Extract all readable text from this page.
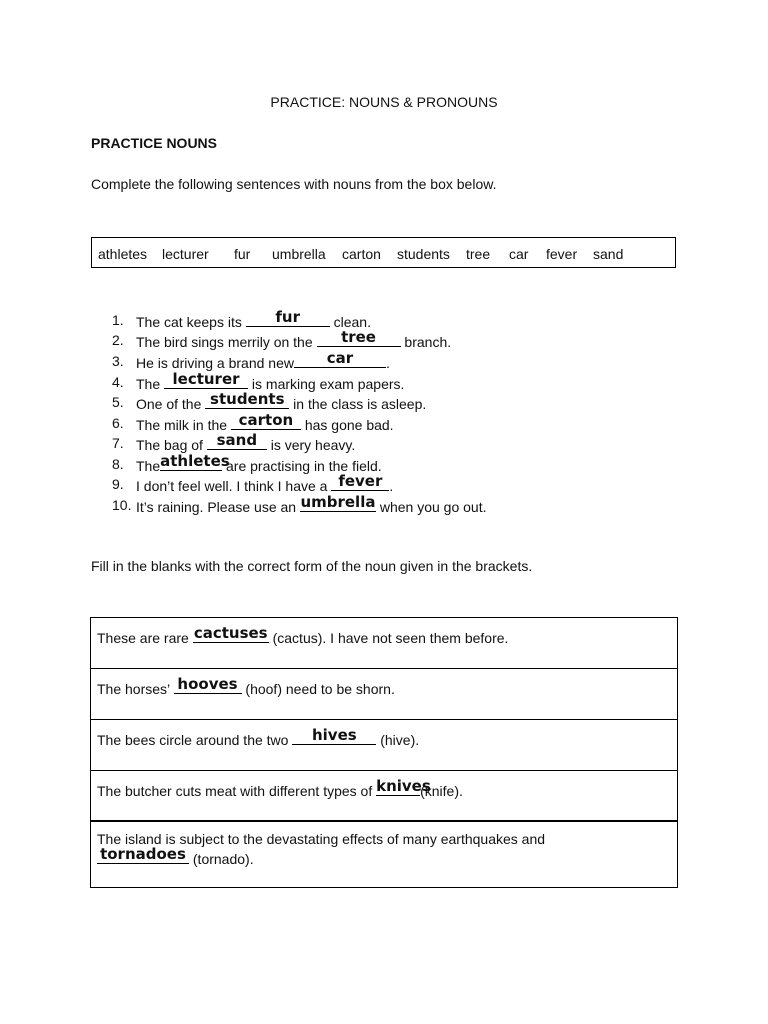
PRACTICE: NOUNS & PRONOUNS
PRACTICE NOUNS
Complete the following sentences with nouns from the box below.
athletes lecturer fur umbrella carton students tree car fever sand
1. The cat keeps its	fur	clean.
2. The bird sings merrily on the	tree	branch.
3. He is driving a brand new	car	.
4. The lecturer is marking exam papers.
5. One of the students in the class is asleep.
6. The milk in the carton has gone bad.
7. The bag of sand is very heavy.
8. The athletes
are practising in the field.
9. I don’t feel well. I think I have a fever .
10. It’s raining. Please use an umbrella when you go out.
Fill in the blanks with the correct form of the noun given in the brackets.
These are rare cactuses (cactus). I have not seen them before.
The horses’ hooves (hoof) need to be shorn.
The bees circle around the two	hives	(hive).
The butcher cuts meat with different types of knives
(knife).
The island is subject to the devastating effects of many earthquakes and
tornadoes (tornado).
